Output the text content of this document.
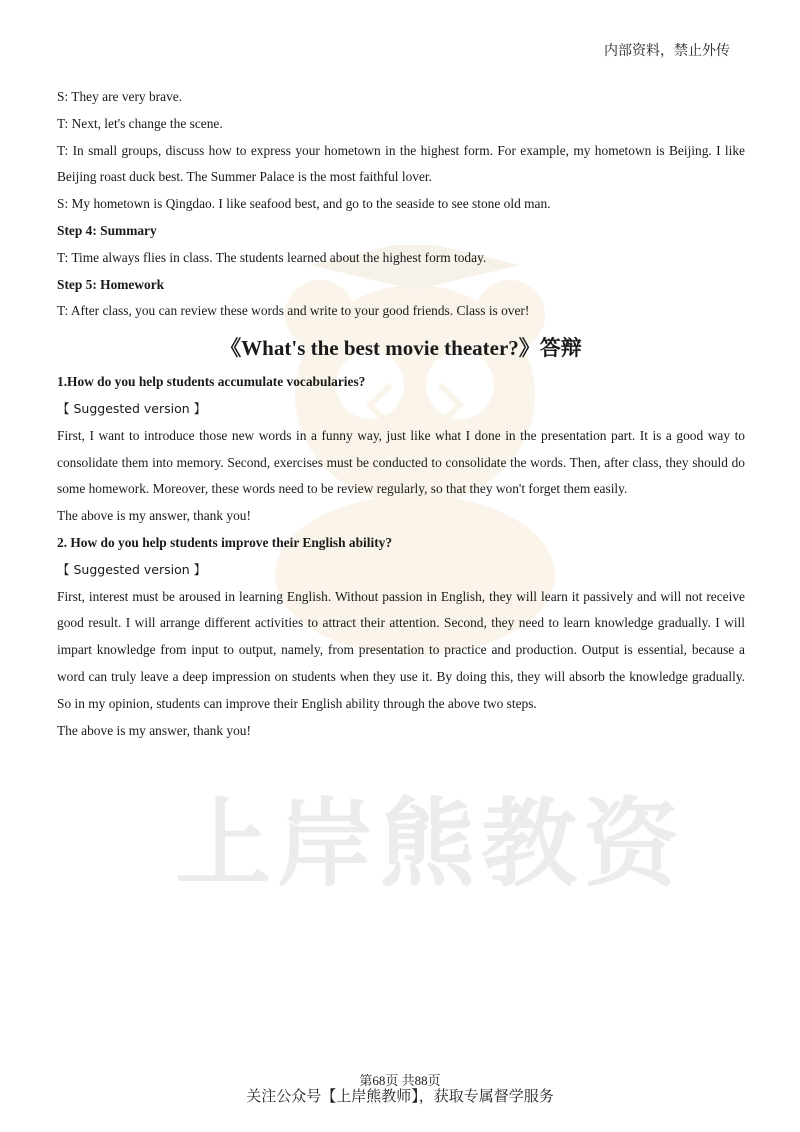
内部资料，禁止外传
上岸熊教资

S: They are very brave.

T: Next, let's change the scene.

T: In small groups, discuss how to express your hometown in the highest form. For example, my hometown is Beijing. I like Beijing roast duck best. The Summer Palace is the most faithful lover.

S: My hometown is Qingdao. I like seafood best, and go to the seaside to see stone old man.

Step 4: Summary

T: Time always flies in class. The students learned about the highest form today.

Step 5: Homework

T: After class, you can review these words and write to your good friends. Class is over!

《What's the best movie theater?》答辩

1.How do you help students accumulate vocabularies?

【 Suggested version 】

First, I want to introduce those new words in a funny way, just like what I done in the presentation part. It is a good way to consolidate them into memory. Second, exercises must be conducted to consolidate the words. Then, after class, they should do some homework. Moreover, these words need to be review regularly, so that they won't forget them easily.

The above is my answer, thank you!

2. How do you help students improve their English ability?

【 Suggested version 】

First, interest must be aroused in learning English. Without passion in English, they will learn it passively and will not receive good result. I will arrange different activities to attract their attention. Second, they need to learn knowledge gradually. I will impart knowledge from input to output, namely, from presentation to practice and production. Output is essential, because a word can truly leave a deep impression on students when they use it. By doing this, they will absorb the knowledge gradually. So in my opinion, students can improve their English ability through the above two steps.

The above is my answer, thank you!

第68页 共88页
关注公众号【上岸熊教师】，获取专属督学服务
